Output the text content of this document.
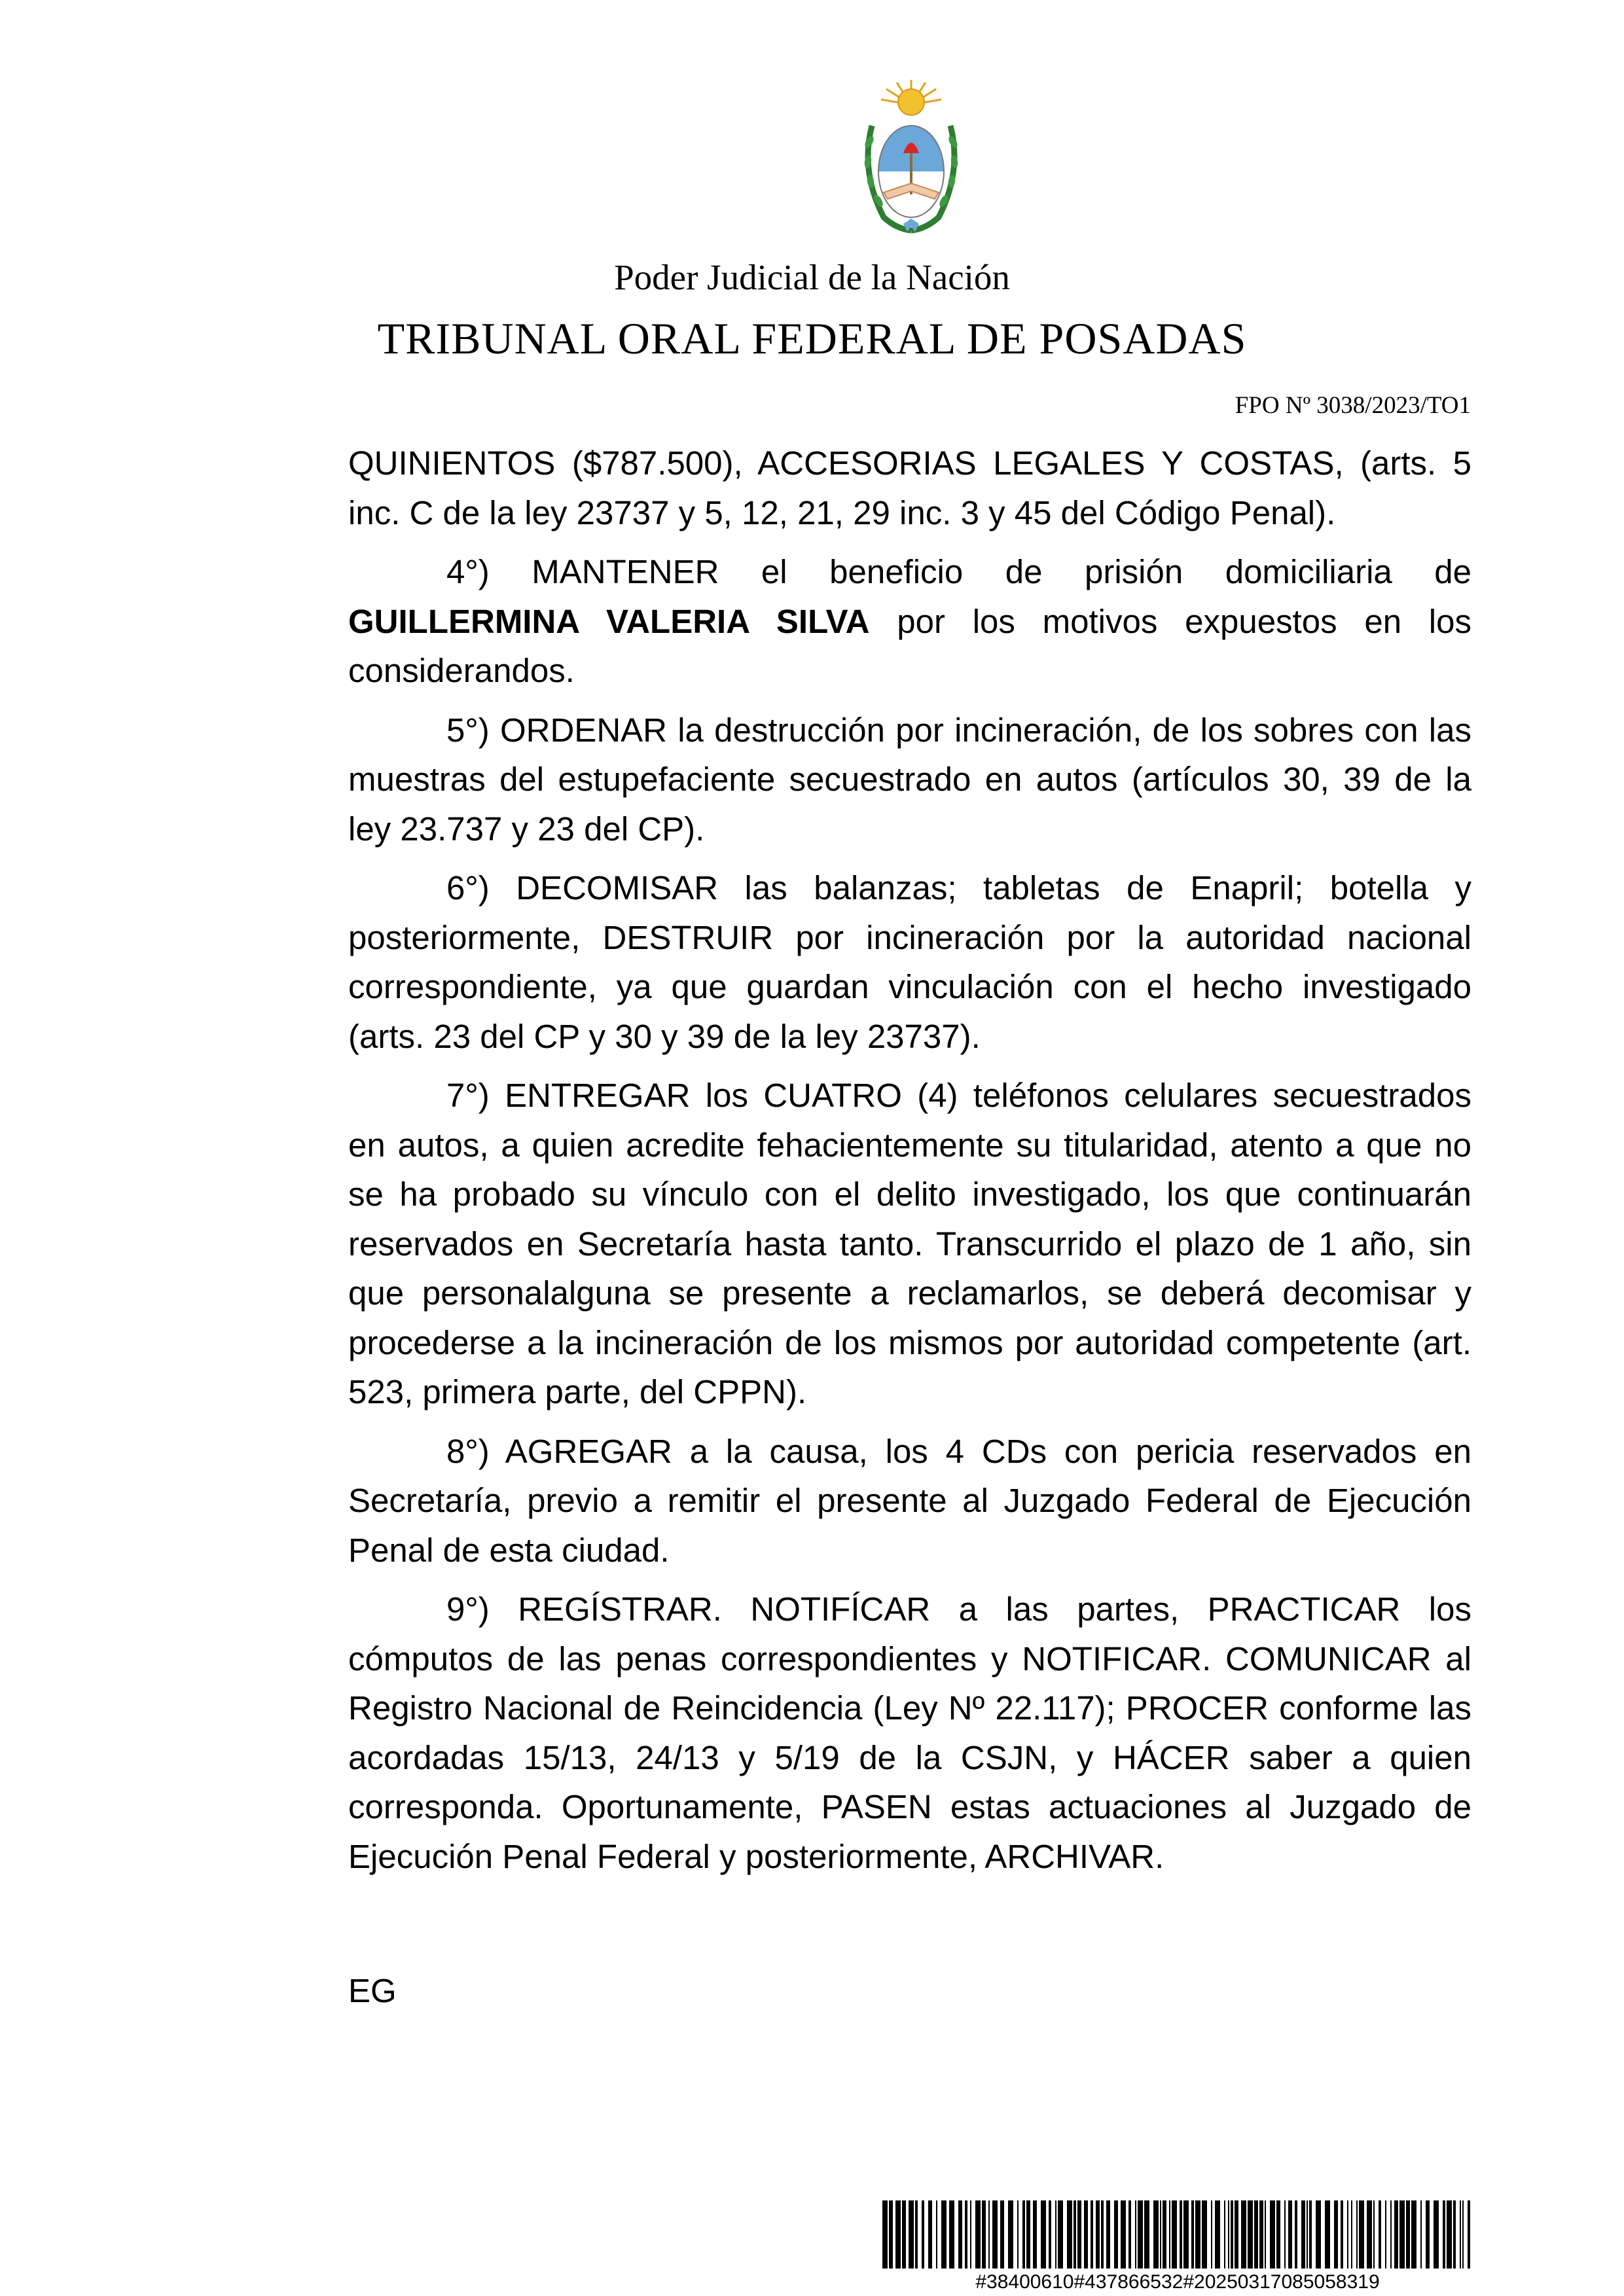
Poder Judicial de la Nación
TRIBUNAL ORAL FEDERAL DE POSADAS
FPO Nº 3038/2023/TO1

QUINIENTOS ($787.500), ACCESORIAS LEGALES Y COSTAS, (arts. 5 inc. C de la ley 23737 y 5, 12, 21, 29 inc. 3 y 45 del Código Penal).

4°) MANTENER el beneficio de prisión domiciliaria de GUILLERMINA VALERIA SILVA por los motivos expuestos en los considerandos.

5°) ORDENAR la destrucción por incineración, de los sobres con las muestras del estupefaciente secuestrado en autos (artículos 30, 39 de la ley 23.737 y 23 del CP).

6°) DECOMISAR las balanzas; tabletas de Enapril; botella y posteriormente, DESTRUIR por incineración por la autoridad nacional correspondiente, ya que guardan vinculación con el hecho investigado (arts. 23 del CP y 30 y 39 de la ley 23737).

7°) ENTREGAR los CUATRO (4) teléfonos celulares secuestrados en autos, a quien acredite fehacientemente su titularidad, atento a que no se ha probado su vínculo con el delito investigado, los que continuarán reservados en Secretaría hasta tanto. Transcurrido el plazo de 1 año, sin que personalalguna se presente a reclamarlos, se deberá decomisar y procederse a la incineración de los mismos por autoridad competente (art. 523, primera parte, del CPPN).

8°) AGREGAR a la causa, los 4 CDs con pericia reservados en Secretaría, previo a remitir el presente al Juzgado Federal de Ejecución Penal de esta ciudad.

9°) REGÍSTRAR. NOTIFÍCAR a las partes, PRACTICAR los cómputos de las penas correspondientes y NOTIFICAR. COMUNICAR al Registro Nacional de Reincidencia (Ley Nº 22.117); PROCER conforme las acordadas 15/13, 24/13 y 5/19 de la CSJN, y HÁCER saber a quien corresponda. Oportunamente, PASEN estas actuaciones al Juzgado de Ejecución Penal Federal y posteriormente, ARCHIVAR.

EG
#38400610#437866532#20250317085058319
